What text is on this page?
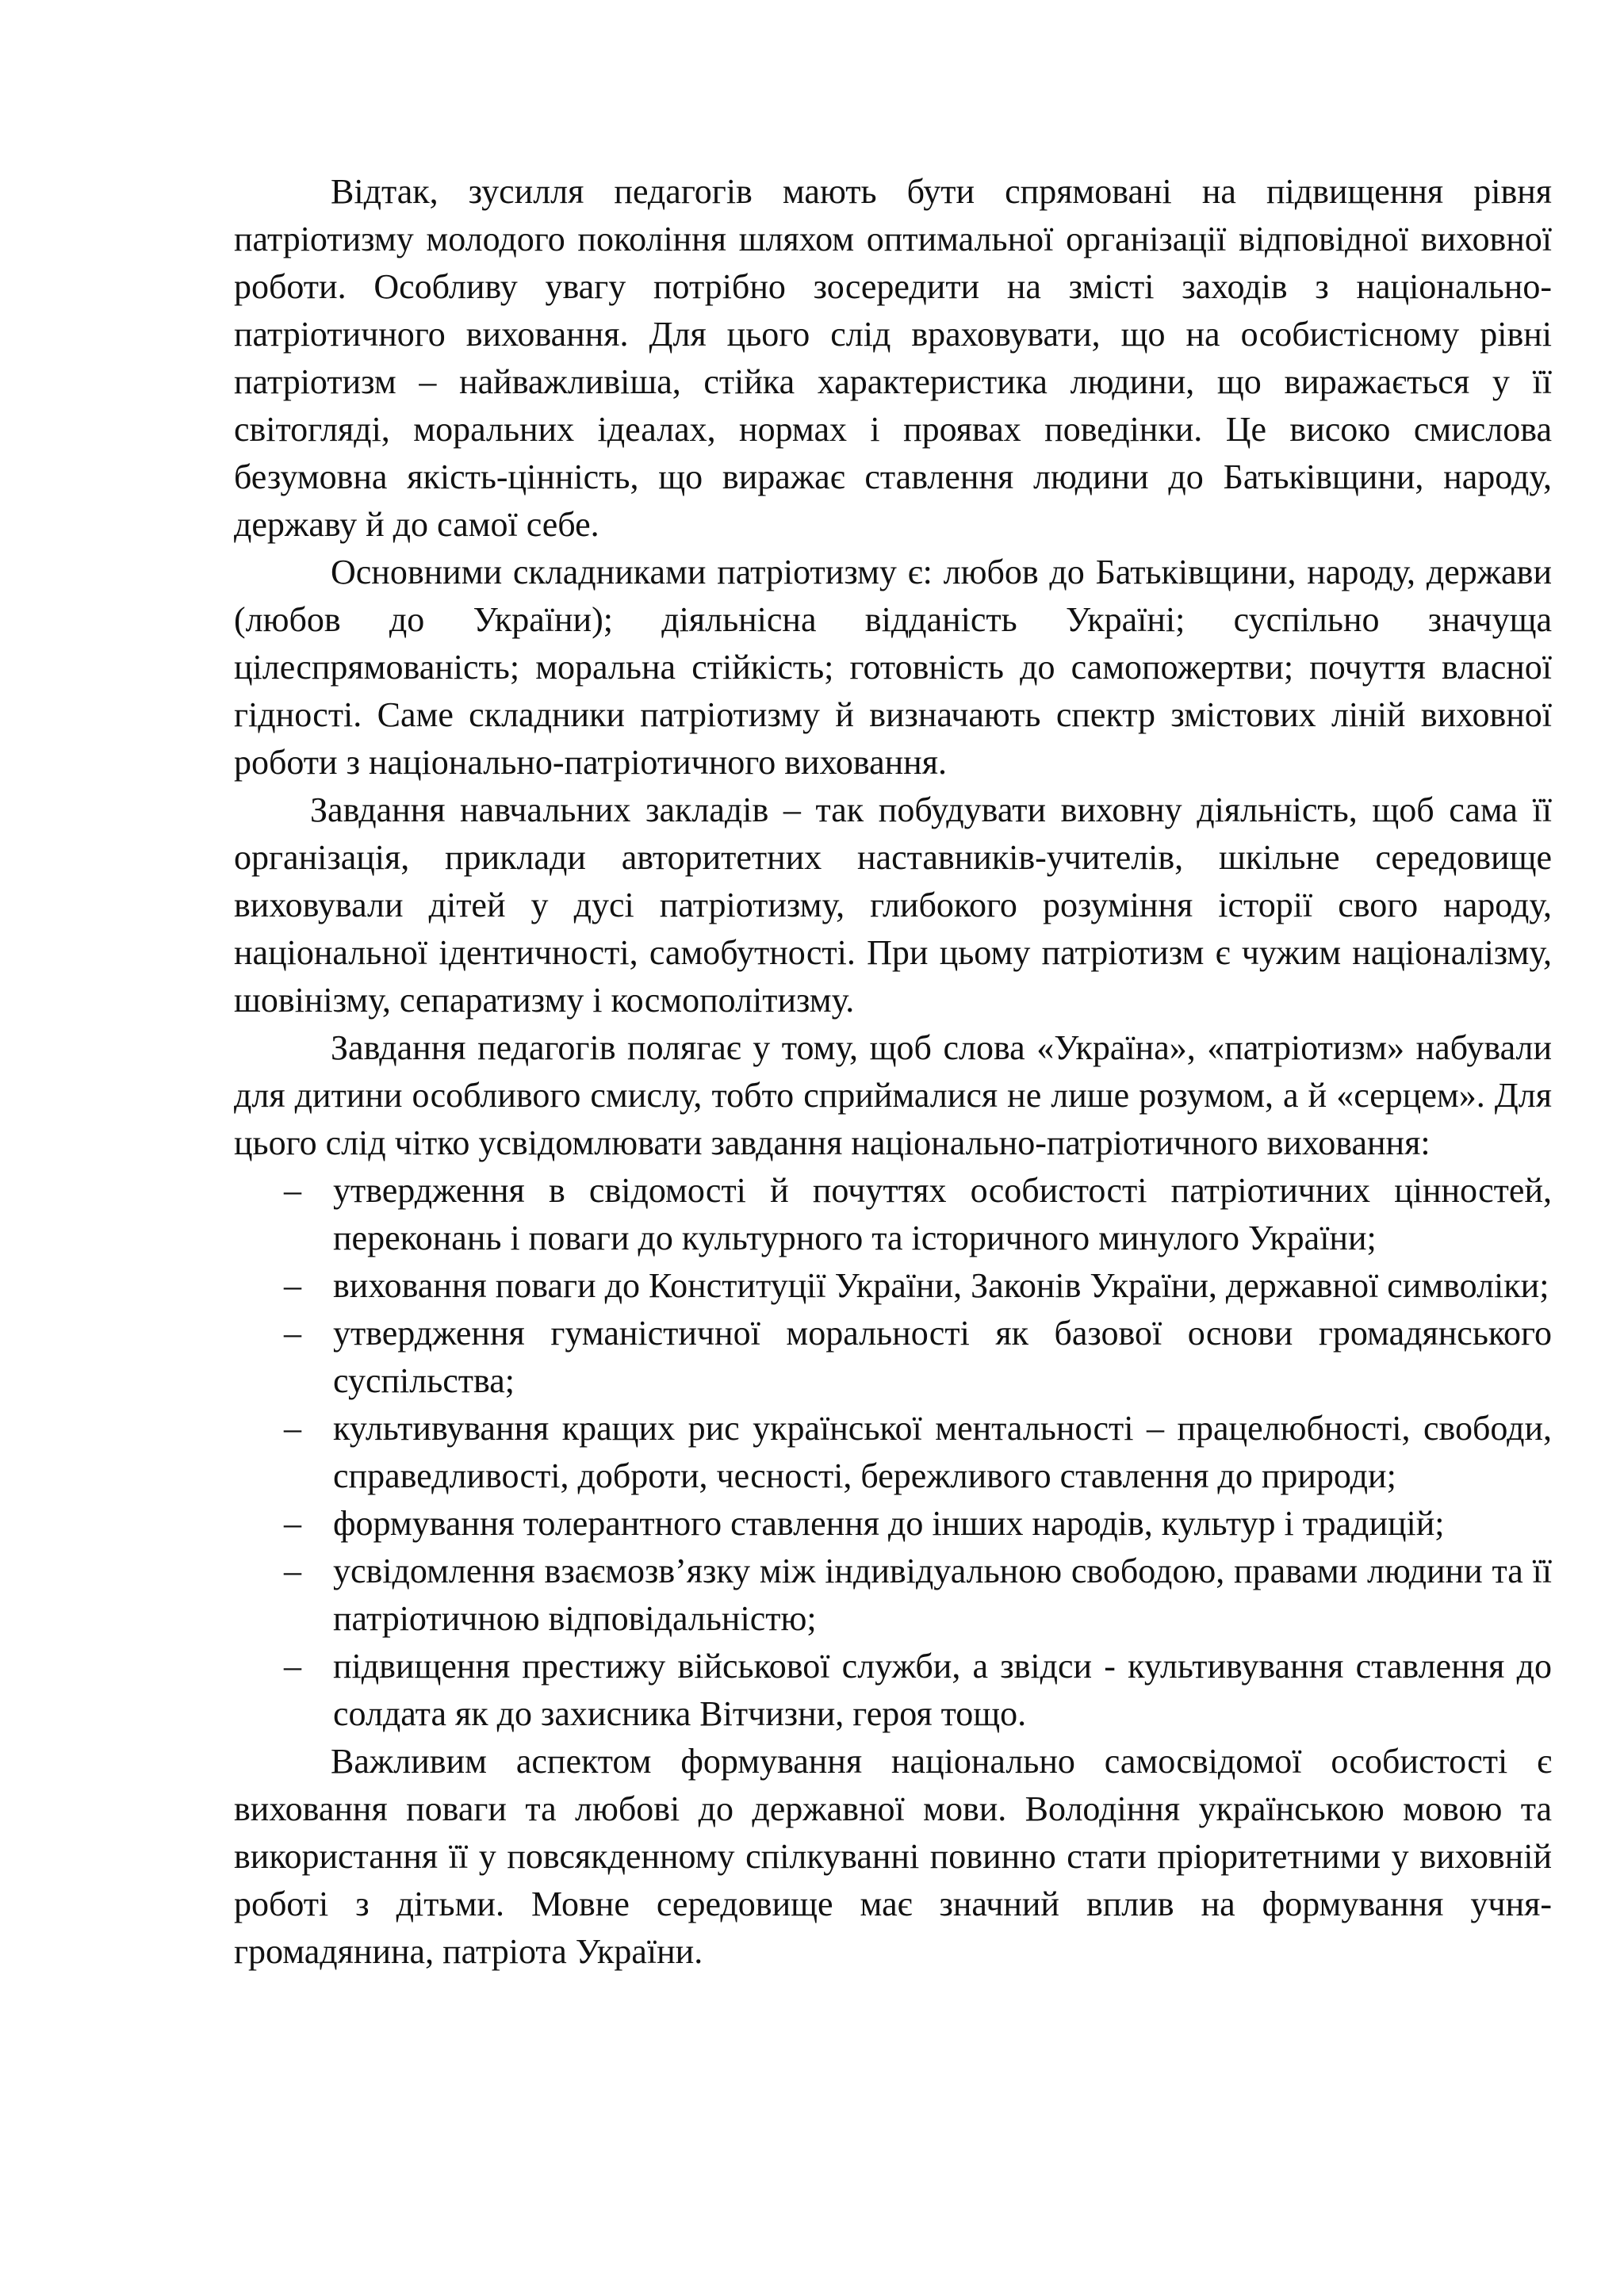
Відтак, зусилля педагогів мають бути спрямовані на підвищення рівня патріотизму молодого покоління шляхом оптимальної організації відповідної виховної роботи. Особливу увагу потрібно зосередити на змісті заходів з національно-патріотичного виховання. Для цього слід враховувати, що на особистісному рівні патріотизм – найважливіша, стійка характеристика людини, що виражається у її світогляді, моральних ідеалах, нормах і проявах поведінки. Це високо смислова безумовна якість-цінність, що виражає ставлення людини до Батьківщини, народу, державу й до самої себе.

Основними складниками патріотизму є: любов до Батьківщини, народу, держави (любов до України); діяльнісна відданість Україні; суспільно значуща цілеспрямованість; моральна стійкість; готовність до самопожертви; почуття власної гідності. Саме складники патріотизму й визначають спектр змістових ліній виховної роботи з національно-патріотичного виховання.

Завдання навчальних закладів – так побудувати виховну діяльність, щоб сама її організація, приклади авторитетних наставників-учителів, шкільне середовище виховували дітей у дусі патріотизму, глибокого розуміння історії свого народу, національної ідентичності, самобутності. При цьому патріотизм є чужим націоналізму, шовінізму, сепаратизму і космополітизму.

Завдання педагогів полягає у тому, щоб слова «Україна», «патріотизм» набували для дитини особливого смислу, тобто сприймалися не лише розумом, а й «серцем». Для цього слід чітко усвідомлювати завдання національно-патріотичного виховання:

– утвердження в свідомості й почуттях особистості патріотичних цінностей, переконань і поваги до культурного та історичного минулого України;
– виховання поваги до Конституції України, Законів України, державної символіки;
– утвердження гуманістичної моральності як базової основи громадянського суспільства;
– культивування кращих рис української ментальності – працелюбності, свободи, справедливості, доброти, чесності, бережливого ставлення до природи;
– формування толерантного ставлення до інших народів, культур і традицій;
– усвідомлення взаємозв’язку між індивідуальною свободою, правами людини та її патріотичною відповідальністю;
– підвищення престижу військової служби, а звідси - культивування ставлення до солдата як до захисника Вітчизни, героя тощо.

Важливим аспектом формування національно самосвідомої особистості є виховання поваги та любові до державної мови. Володіння українською мовою та використання її у повсякденному спілкуванні повинно стати пріоритетними у виховній роботі з дітьми. Мовне середовище має значний вплив на формування учня-громадянина, патріота України.
